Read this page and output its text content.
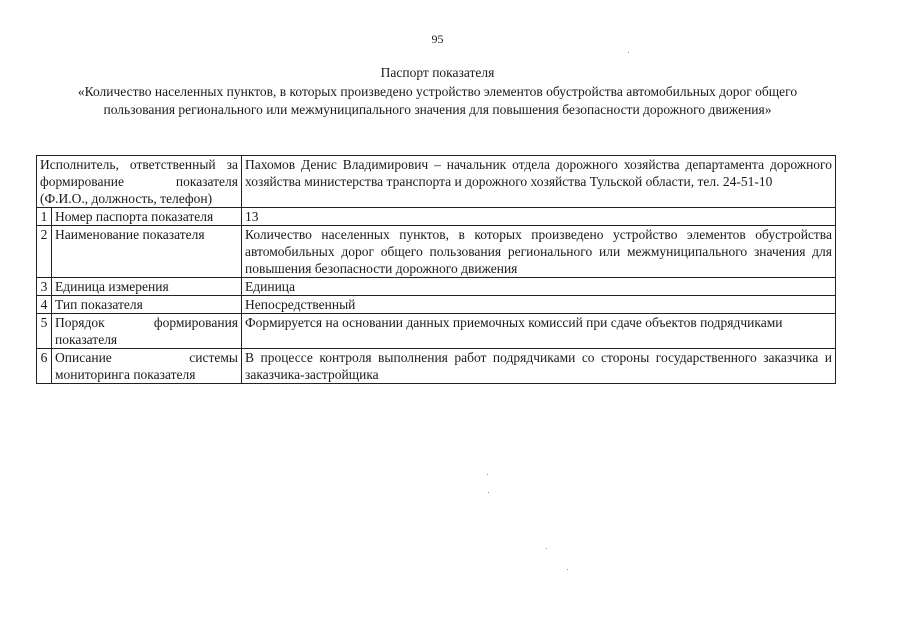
95
Паспорт показателя
«Количество населенных пунктов, в которых произведено устройство элементов обустройства автомобильных дорог общего пользования регионального или межмуниципального значения для повышения безопасности дорожного движения»
Исполнитель, ответственный за формирование показателя (Ф.И.О., должность, телефон)		Пахомов Денис Владимирович – начальник отдела дорожного хозяйства департамента дорожного хозяйства министерства транспорта и дорожного хозяйства Тульской области, тел. 24-51-10
1	Номер паспорта показателя	13
2	Наименование показателя	Количество населенных пунктов, в которых произведено устройство элементов обустройства автомобильных дорог общего пользования регионального или межмуниципального значения для повышения безопасности дорожного движения
3	Единица измерения	Единица
4	Тип показателя	Непосредственный
5	Порядок формирования показателя	Формируется на основании данных приемочных комиссий при сдаче объектов подрядчиками
6	Описание системы мониторинга показателя	В процессе контроля выполнения работ подрядчиками со стороны государственного заказчика и заказчика-застройщика
